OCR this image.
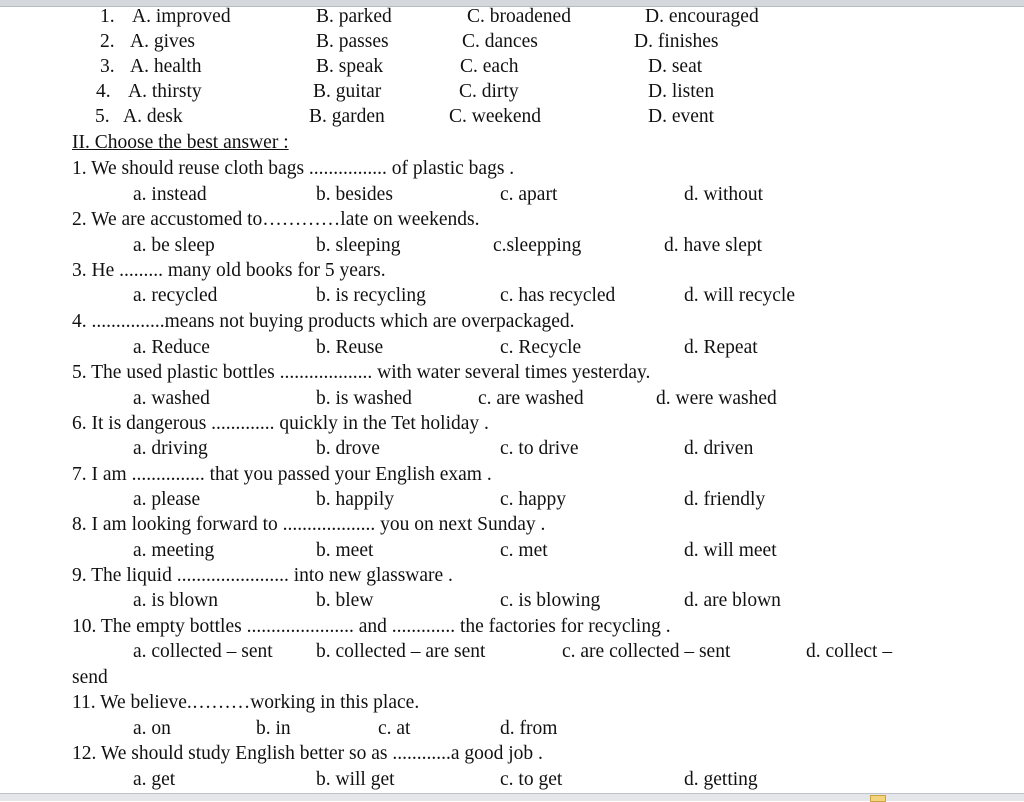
1. A. improved	B. parked	C. broadened	D. encouraged
2. A. gives	B. passes	C. dances	D. finishes
3. A. health	B. speak	C. each	D. seat
4. A. thirsty	B. guitar	C. dirty	D. listen
5. A. desk	B. garden	C. weekend	D. event
II. Choose the best answer :
1. We should reuse cloth bags ................ of plastic bags .
a. instead	b. besides	c. apart	d. without
2. We are accustomed to…………late on weekends.
a. be sleep	b. sleeping	c.sleepping	d. have slept
3. He ......... many old books for 5 years.
a. recycled	b. is recycling	c. has recycled	d. will recycle
4. ...............means not buying products which are overpackaged.
a. Reduce	b. Reuse	c. Recycle	d. Repeat
5. The used plastic bottles ................... with water several times yesterday.
a. washed	b. is washed	c. are washed	d. were washed
6. It is dangerous ............. quickly in the Tet holiday .
a. driving	b. drove	c. to drive	d. driven
7. I am ............... that you passed your English exam .
a. please	b. happily	c. happy	d. friendly
8. I am looking forward to ................... you on next Sunday .
a. meeting	b. meet	c. met	d. will meet
9. The liquid ....................... into new glassware .
a. is blown	b. blew	c. is blowing	d. are blown
10. The empty bottles ...................... and ............. the factories for recycling .
a. collected – sent b. collected – are sent	c. are collected – sent	d. collect –
send
11. We believe.………working in this place.
a. on	b. in	c. at	d. from
12. We should study English better so as ............a good job .
a. get	b. will get	c. to get	d. getting
